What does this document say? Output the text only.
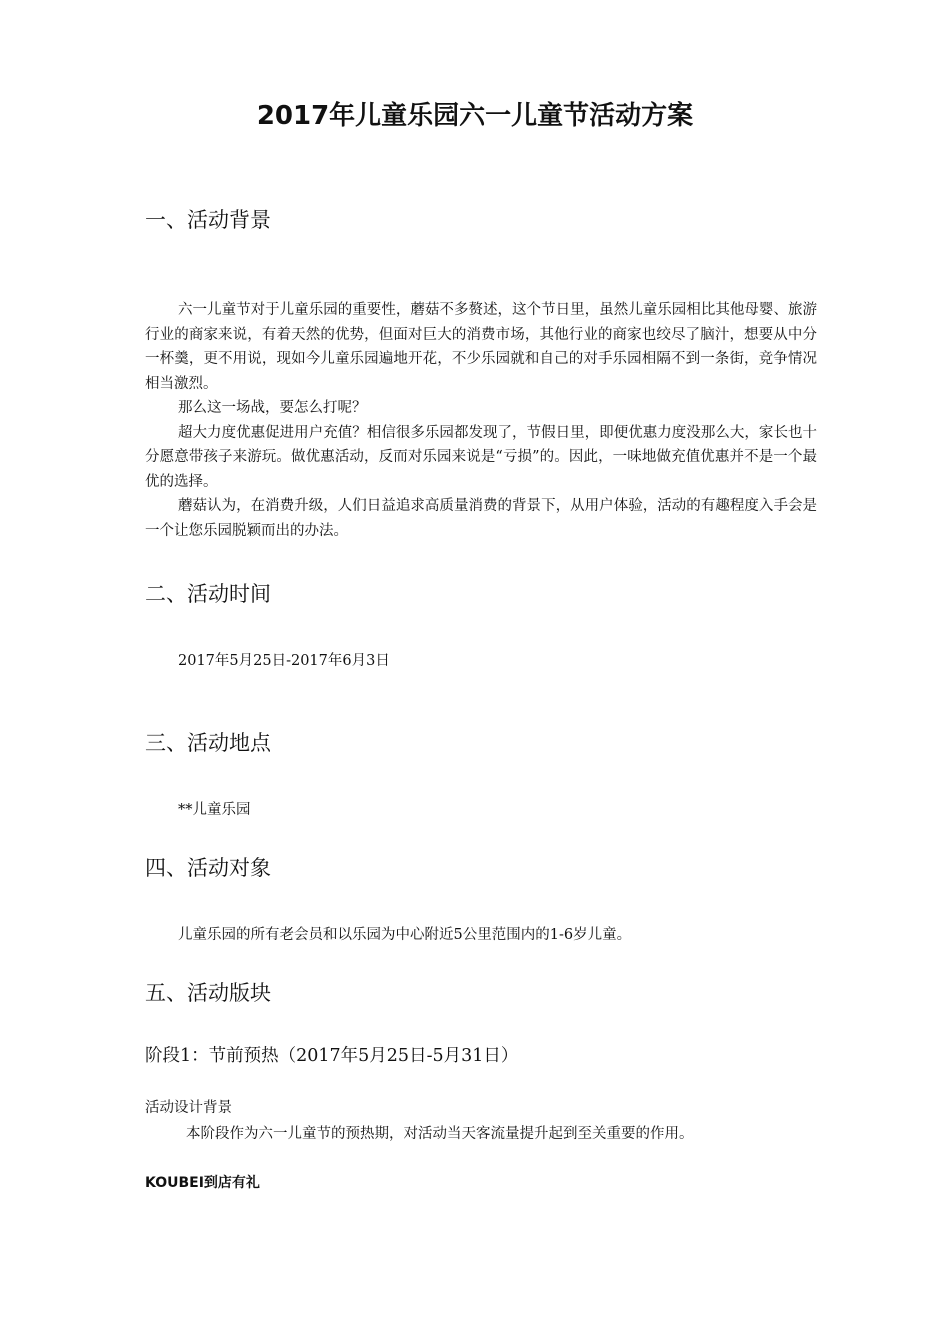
2017年儿童乐园六一儿童节活动方案
一、活动背景

六一儿童节对于儿童乐园的重要性，蘑菇不多赘述，这个节日里，虽然儿童乐园相比其他母婴、旅游行业的商家来说，有着天然的优势，但面对巨大的消费市场，其他行业的商家也绞尽了脑汁，想要从中分一杯羹，更不用说，现如今儿童乐园遍地开花，不少乐园就和自己的对手乐园相隔不到一条街，竞争情况相当激烈。

那么这一场战，要怎么打呢？

超大力度优惠促进用户充值？相信很多乐园都发现了，节假日里，即便优惠力度没那么大，家长也十分愿意带孩子来游玩。做优惠活动，反而对乐园来说是“亏损”的。因此，一味地做充值优惠并不是一个最优的选择。

蘑菇认为，在消费升级，人们日益追求高质量消费的背景下，从用户体验，活动的有趣程度入手会是一个让您乐园脱颖而出的办法。

二、活动时间

2017年5月25日-2017年6月3日

三、活动地点

**儿童乐园

四、活动对象

儿童乐园的所有老会员和以乐园为中心附近5公里范围内的1-6岁儿童。

五、活动版块

阶段1：节前预热（2017年5月25日-5月31日）

活动设计背景

本阶段作为六一儿童节的预热期，对活动当天客流量提升起到至关重要的作用。

KOUBEI到店有礼
